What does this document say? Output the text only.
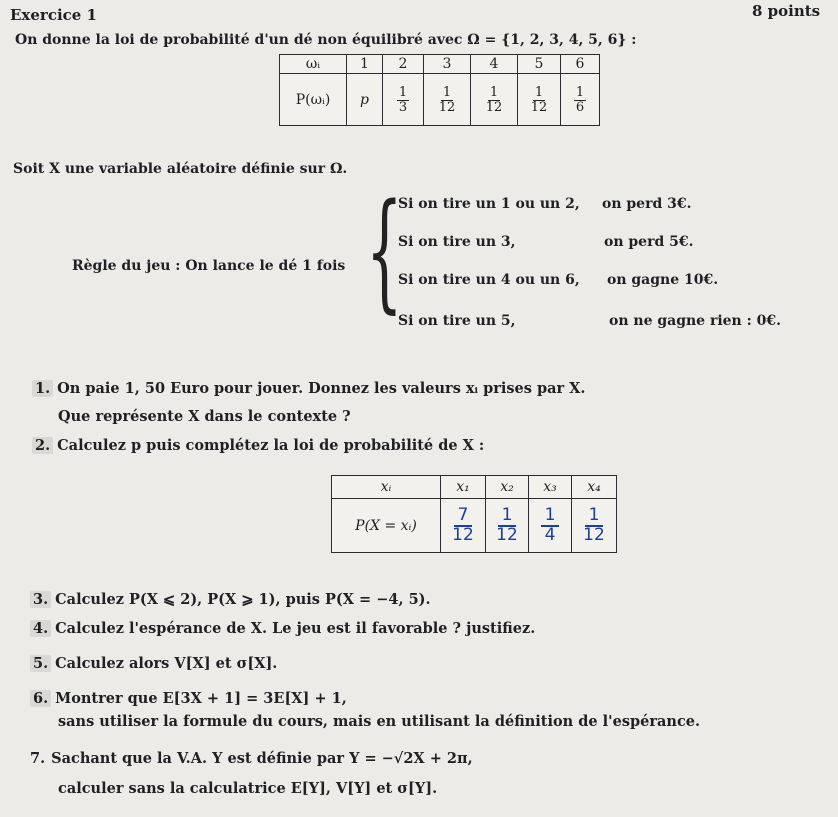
Exercice 1	8 points
On donne la loi de probabilité d'un dé non équilibré avec Ω = {1, 2, 3, 4, 5, 6} :
ωᵢ	1	2	3	4	5	6
P(ωᵢ)	p	$\frac{1}{3}$	$\frac{1}{12}$	$\frac{1}{12}$	$\frac{1}{12}$	$\frac{1}{6}$
Soit X une variable aléatoire définie sur Ω.
Règle du jeu : On lance le dé 1 fois {
Si on tire un 1 ou un 2, on perd 3€.
Si on tire un 3,	on perd 5€.
Si on tire un 4 ou un 6, on gagne 10€.
Si on tire un 5,	on ne gagne rien : 0€.
1. On paie 1, 50 Euro pour jouer. Donnez les valeurs xᵢ prises par X.
Que représente X dans le contexte ?
2. Calculez p puis complétez la loi de probabilité de X :
xᵢ	x₁	x₂	x₃	x₄
P(X = xᵢ)	$\frac{7}{12}$	$\frac{1}{12}$	$\frac{1}{4}$	$\frac{1}{12}$
3. Calculez P(X ⩽ 2), P(X ⩾ 1), puis P(X = −4, 5).
4. Calculez l'espérance de X. Le jeu est il favorable ? justifiez.
5. Calculez alors V[X] et σ[X].
6. Montrer que E[3X + 1] = 3E[X] + 1,
sans utiliser la formule du cours, mais en utilisant la définition de l'espérance.
7. Sachant que la V.A. Y est définie par Y = −√2X + 2π,
calculer sans la calculatrice E[Y], V[Y] et σ[Y].
